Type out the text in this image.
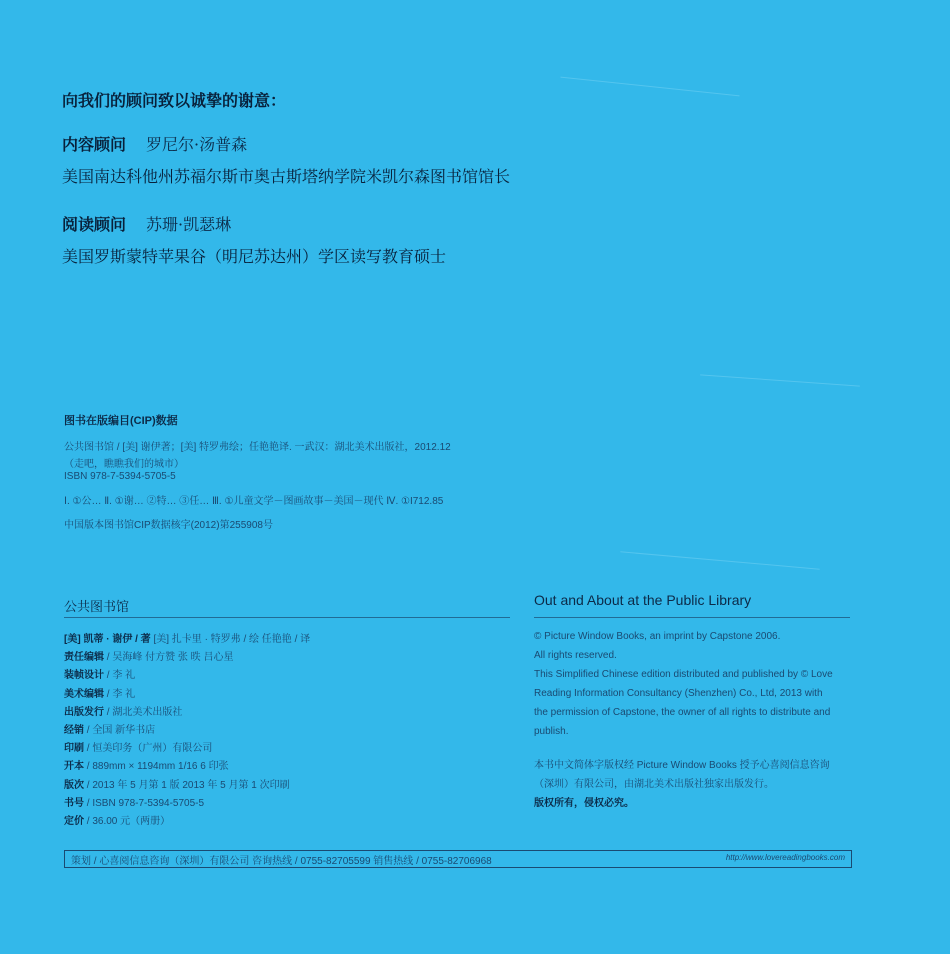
向我们的顾问致以诚挚的谢意：
内容顾问 罗尼尔·汤普森
美国南达科他州苏福尔斯市奥古斯塔纳学院米凯尔森图书馆馆长
阅读顾问 苏珊·凯瑟琳
美国罗斯蒙特苹果谷（明尼苏达州）学区读写教育硕士
图书在版编目(CIP)数据
公共图书馆 / [美] 谢伊著；[美] 特罗弗绘；任艳艳译. 一武汉：湖北美术出版社，2012.12
（走吧，瞧瞧我们的城市）
ISBN 978-7-5394-5705-5
Ⅰ. ①公… Ⅱ. ①谢… ②特… ③任… Ⅲ. ①儿童文学－图画故事－美国－现代 Ⅳ. ①I712.85
中国版本图书馆CIP数据核字(2012)第255908号
公共图书馆	Out and About at the Public Library
[美] 凯蒂 · 谢伊 / 著 [美] 扎卡里 · 特罗弗 / 绘 任艳艳 / 译
责任编辑 / 吴海峰 付方赞 张 昳 吕心星
装帧设计 / 李 礼
美术编辑 / 李 礼
出版发行 / 湖北美术出版社
经销 / 全国 新华书店
印刷 / 恒美印务（广州）有限公司
开本 / 889mm × 1194mm 1/16 6 印张
版次 / 2013 年 5 月第 1 版 2013 年 5 月第 1 次印刷
书号 / ISBN 978-7-5394-5705-5
定价 / 36.00 元（两册）
© Picture Window Books, an imprint by Capstone 2006.
All rights reserved.
This Simplified Chinese edition distributed and published by © Love
Reading Information Consultancy (Shenzhen) Co., Ltd, 2013 with
the permission of Capstone, the owner of all rights to distribute and
publish.
本书中文简体字版权经 Picture Window Books 授予心喜阅信息咨询
（深圳）有限公司，由湖北美术出版社独家出版发行。
版权所有，侵权必究。
策划 / 心喜阅信息咨询（深圳）有限公司 咨询热线 / 0755-82705599 销售热线 / 0755-82706968	http://www.lovereadingbooks.com
